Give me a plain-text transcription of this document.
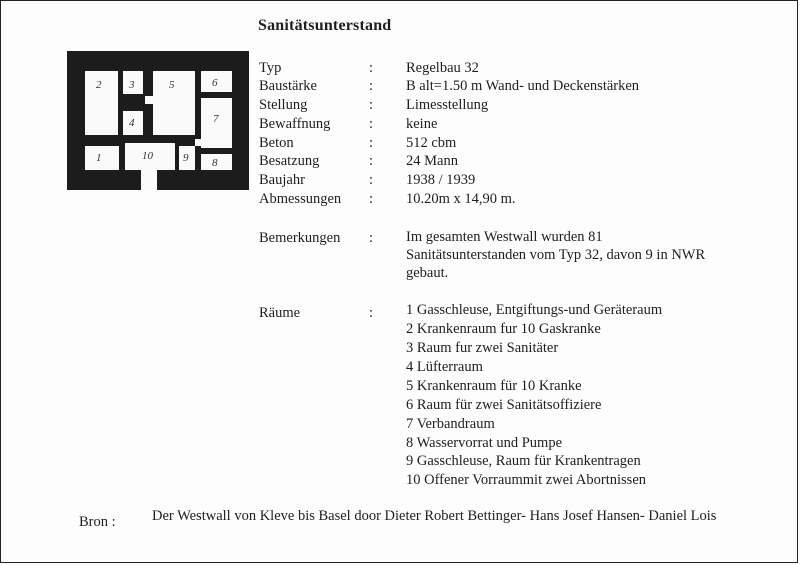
Sanitätsunterstand
2	3
4
5	6
7
1	10	9 8
Typ	: Regelbau 32
Baustärke	: B alt=1.50 m Wand- und Deckenstärken
Stellung	: Limesstellung
Bewaffnung	: keine
Beton	: 512 cbm
Besatzung	: 24 Mann
Baujahr	: 1938 / 1939
Abmessungen : 10.20m x 14,90 m.
Bemerkungen : Im gesamten Westwall wurden 81
Sanitätsunterstanden vom Typ 32, davon 9 in NWR
gebaut.
Räume	: 1 Gasschleuse, Entgiftungs-und Geräteraum
2 Krankenraum fur 10 Gaskranke
3 Raum fur zwei Sanitäter
4 Lüfterraum
5 Krankenraum für 10 Kranke
6 Raum für zwei Sanitätsoffiziere
7 Verbandraum
8 Wasservorrat und Pumpe
9 Gasschleuse, Raum für Krankentragen
10 Offener Vorraummit zwei Abortnissen
Bron :	Der Westwall von Kleve bis Basel door Dieter Robert Bettinger- Hans Josef Hansen- Daniel Lois
